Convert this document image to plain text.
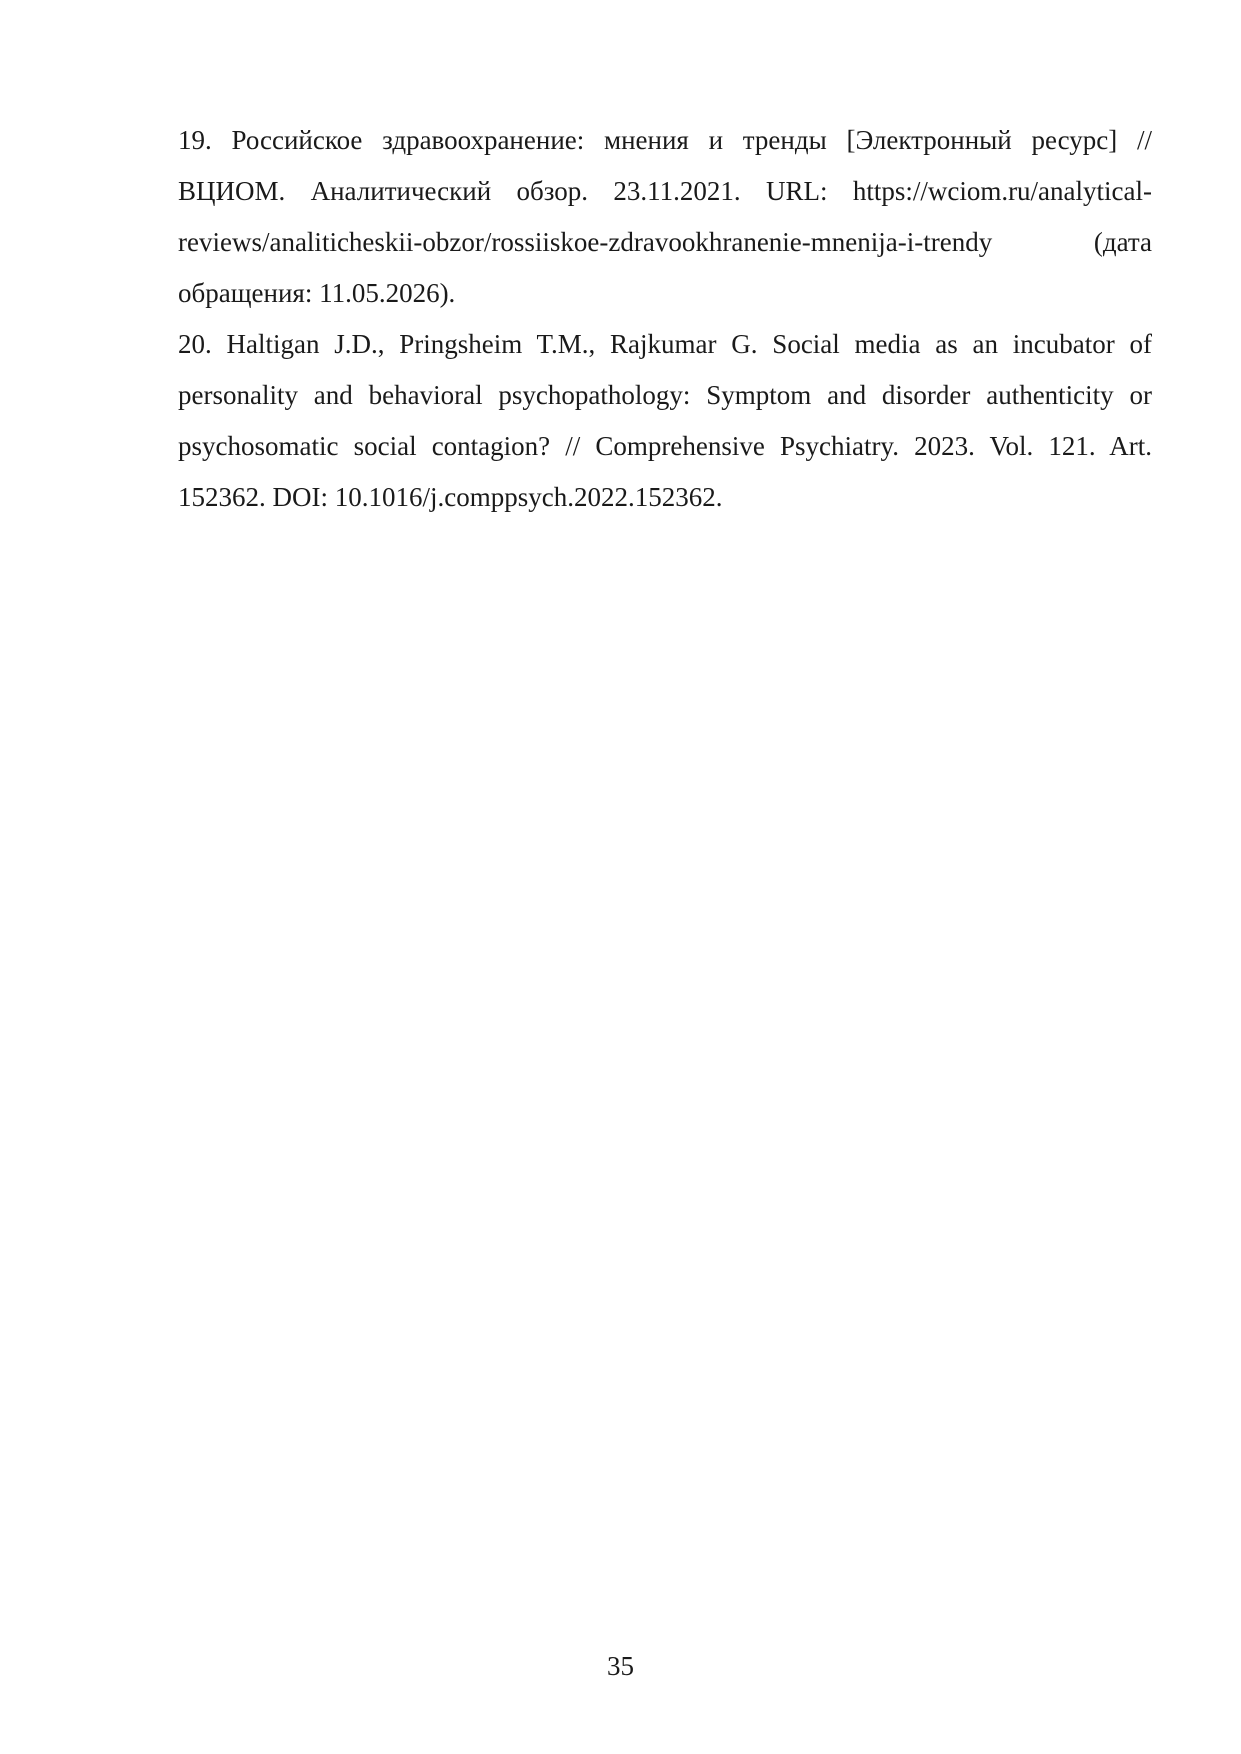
19. Российское здравоохранение: мнения и тренды [Электронный ресурс] // ВЦИОМ. Аналитический обзор. 23.11.2021. URL: https://wciom.ru/analytical-reviews/analiticheskii-obzor/rossiiskoe-zdravookhranenie-mnenija-i-trendy (дата обращения: 11.05.2026).

20. Haltigan J.D., Pringsheim T.M., Rajkumar G. Social media as an incubator of personality and behavioral psychopathology: Symptom and disorder authenticity or psychosomatic social contagion? // Comprehensive Psychiatry. 2023. Vol. 121. Art. 152362. DOI: 10.1016/j.comppsych.2022.152362.

35
